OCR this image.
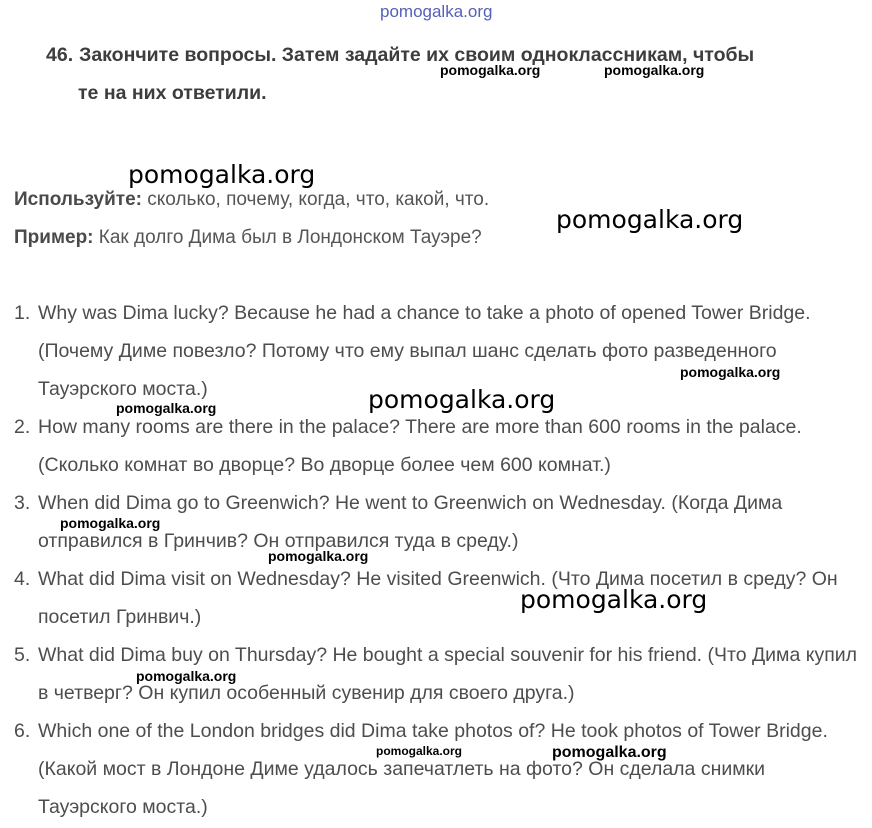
pomogalka.org
46. Закончите вопросы. Затем задайте их своим одноклассникам, чтобы
те на них ответили.
Используйте: сколько, почему, когда, что, какой, что.
Пример: Как долго Дима был в Лондонском Тауэре?
1. Why was Dima lucky? Because he had a chance to take a photo of opened Tower Bridge. (Почему Диме повезло? Потому что ему выпал шанс сделать фото разведенного Тауэрского моста.)
2. How many rooms are there in the palace? There are more than 600 rooms in the palace. (Сколько комнат во дворце? Во дворце более чем 600 комнат.)
3. When did Dima go to Greenwich? He went to Greenwich on Wednesday. (Когда Дима отправился в Гринчив? Он отправился туда в среду.)
4. What did Dima visit on Wednesday? He visited Greenwich. (Что Дима посетил в среду? Он посетил Гринвич.)
5. What did Dima buy on Thursday? He bought a special souvenir for his friend. (Что Дима купил в четверг? Он купил особенный сувенир для своего друга.)
6. Which one of the London bridges did Dima take photos of? He took photos of Tower Bridge. (Какой мост в Лондоне Диме удалось запечатлеть на фото? Он сделала снимки Тауэрского моста.)
pomogalka.org	pomogalka.org
pomogalka.org
pomogalka.org
pomogalka.org
pomogalka.org
pomogalka.org
pomogalka.org
pomogalka.org
pomogalka.org
pomogalka.org
pomogalka.org	pomogalka.org
